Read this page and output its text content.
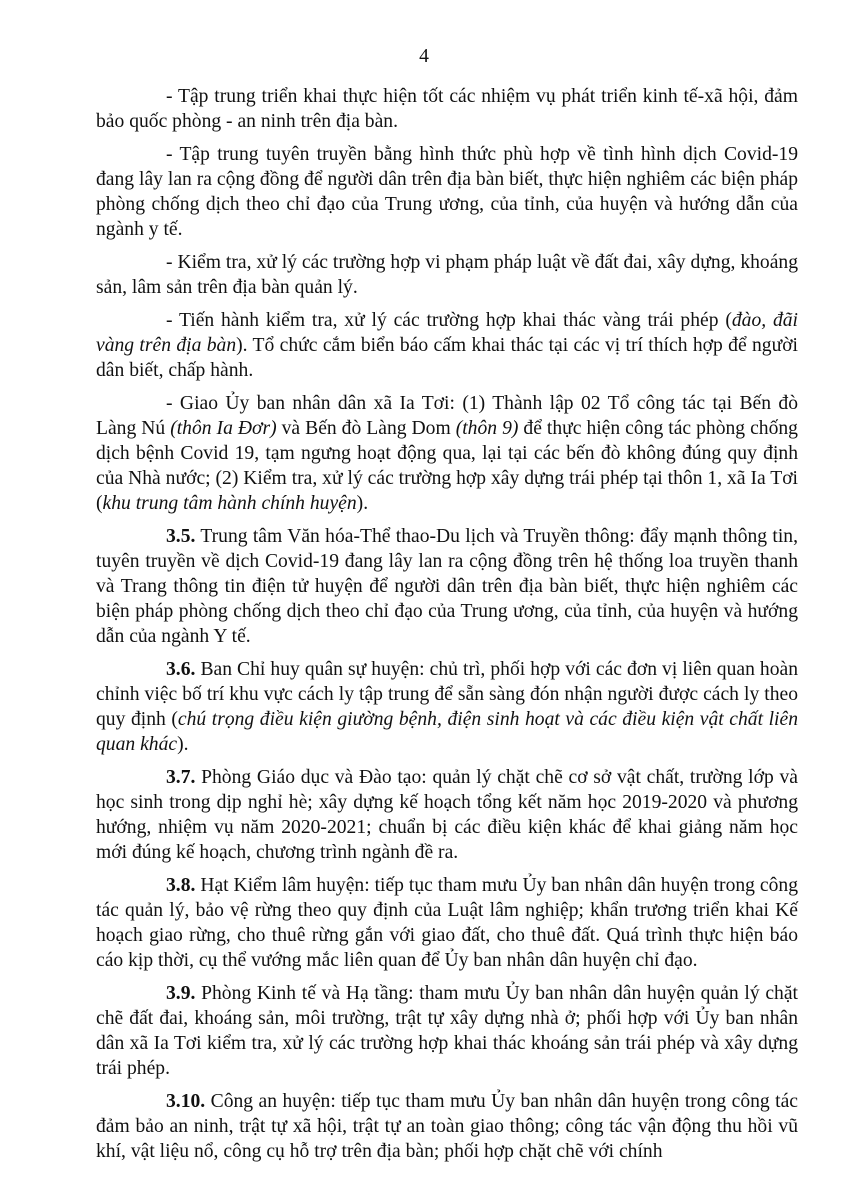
4

- Tập trung triển khai thực hiện tốt các nhiệm vụ phát triển kinh tế-xã hội, đảm bảo quốc phòng - an ninh trên địa bàn.

- Tập trung tuyên truyền bằng hình thức phù hợp về tình hình dịch Covid-19 đang lây lan ra cộng đồng để người dân trên địa bàn biết, thực hiện nghiêm các biện pháp phòng chống dịch theo chỉ đạo của Trung ương, của tỉnh, của huyện và hướng dẫn của ngành y tế.

- Kiểm tra, xử lý các trường hợp vi phạm pháp luật về đất đai, xây dựng, khoáng sản, lâm sản trên địa bàn quản lý.

- Tiến hành kiểm tra, xử lý các trường hợp khai thác vàng trái phép (đào, đãi vàng trên địa bàn). Tổ chức cắm biển báo cấm khai thác tại các vị trí thích hợp để người dân biết, chấp hành.

- Giao Ủy ban nhân dân xã Ia Tơi: (1) Thành lập 02 Tổ công tác tại Bến đò Làng Nú (thôn Ia Đơr) và Bến đò Làng Dom (thôn 9) để thực hiện công tác phòng chống dịch bệnh Covid 19, tạm ngưng hoạt động qua, lại tại các bến đò không đúng quy định của Nhà nước; (2) Kiểm tra, xử lý các trường hợp xây dựng trái phép tại thôn 1, xã Ia Tơi (khu trung tâm hành chính huyện).

3.5. Trung tâm Văn hóa-Thể thao-Du lịch và Truyền thông: đẩy mạnh thông tin, tuyên truyền về dịch Covid-19 đang lây lan ra cộng đồng trên hệ thống loa truyền thanh và Trang thông tin điện tử huyện để người dân trên địa bàn biết, thực hiện nghiêm các biện pháp phòng chống dịch theo chỉ đạo của Trung ương, của tỉnh, của huyện và hướng dẫn của ngành Y tế.

3.6. Ban Chỉ huy quân sự huyện: chủ trì, phối hợp với các đơn vị liên quan hoàn chỉnh việc bố trí khu vực cách ly tập trung để sẵn sàng đón nhận người được cách ly theo quy định (chú trọng điều kiện giường bệnh, điện sinh hoạt và các điều kiện vật chất liên quan khác).

3.7. Phòng Giáo dục và Đào tạo: quản lý chặt chẽ cơ sở vật chất, trường lớp và học sinh trong dịp nghỉ hè; xây dựng kế hoạch tổng kết năm học 2019-2020 và phương hướng, nhiệm vụ năm 2020-2021; chuẩn bị các điều kiện khác để khai giảng năm học mới đúng kế hoạch, chương trình ngành đề ra.

3.8. Hạt Kiểm lâm huyện: tiếp tục tham mưu Ủy ban nhân dân huyện trong công tác quản lý, bảo vệ rừng theo quy định của Luật lâm nghiệp; khẩn trương triển khai Kế hoạch giao rừng, cho thuê rừng gắn với giao đất, cho thuê đất. Quá trình thực hiện báo cáo kịp thời, cụ thể vướng mắc liên quan để Ủy ban nhân dân huyện chỉ đạo.

3.9. Phòng Kinh tế và Hạ tầng: tham mưu Ủy ban nhân dân huyện quản lý chặt chẽ đất đai, khoáng sản, môi trường, trật tự xây dựng nhà ở; phối hợp với Ủy ban nhân dân xã Ia Tơi kiểm tra, xử lý các trường hợp khai thác khoáng sản trái phép và xây dựng trái phép.

3.10. Công an huyện: tiếp tục tham mưu Ủy ban nhân dân huyện trong công tác đảm bảo an ninh, trật tự xã hội, trật tự an toàn giao thông; công tác vận động thu hồi vũ khí, vật liệu nổ, công cụ hỗ trợ trên địa bàn; phối hợp chặt chẽ với chính
